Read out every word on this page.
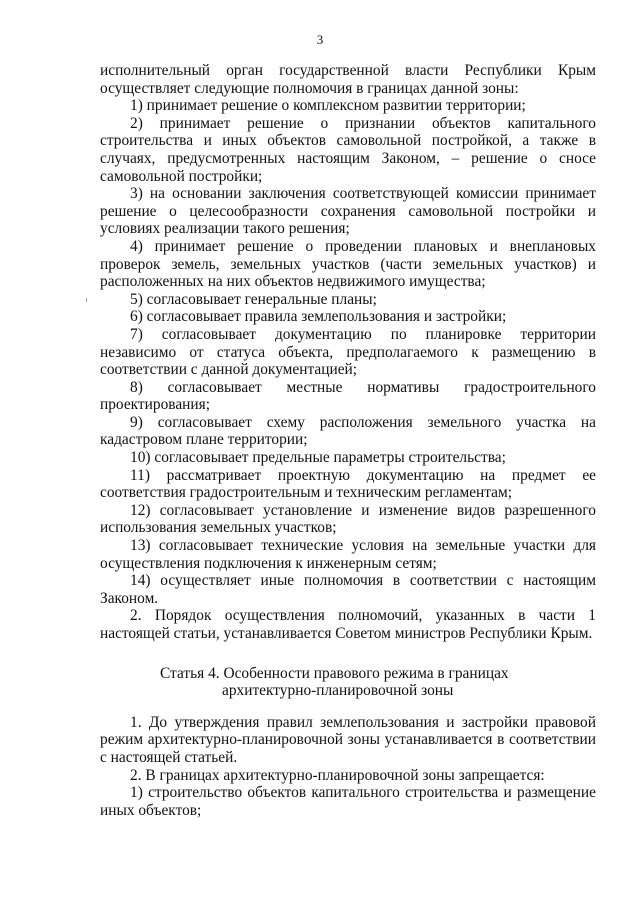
3

исполнительный орган государственной власти Республики Крым осуществляет следующие полномочия в границах данной зоны:

1) принимает решение о комплексном развитии территории;

2) принимает решение о признании объектов капитального строительства и иных объектов самовольной постройкой, а также в случаях, предусмотренных настоящим Законом, – решение о сносе самовольной постройки;

3) на основании заключения соответствующей комиссии принимает решение о целесообразности сохранения самовольной постройки и условиях реализации такого решения;

4) принимает решение о проведении плановых и внеплановых проверок земель, земельных участков (части земельных участков) и расположенных на них объектов недвижимого имущества;

5) согласовывает генеральные планы;

6) согласовывает правила землепользования и застройки;

7) согласовывает документацию по планировке территории независимо от статуса объекта, предполагаемого к размещению в соответствии с данной документацией;

8) согласовывает местные нормативы градостроительного проектирования;

9) согласовывает схему расположения земельного участка на кадастровом плане территории;

10) согласовывает предельные параметры строительства;

11) рассматривает проектную документацию на предмет ее соответствия градостроительным и техническим регламентам;

12) согласовывает установление и изменение видов разрешенного использования земельных участков;

13) согласовывает технические условия на земельные участки для осуществления подключения к инженерным сетям;

14) осуществляет иные полномочия в соответствии с настоящим Законом.

2. Порядок осуществления полномочий, указанных в части 1 настоящей статьи, устанавливается Советом министров Республики Крым.

Статья 4. Особенности правового режима в границах

архитектурно-планировочной зоны

1. До утверждения правил землепользования и застройки правовой режим архитектурно-планировочной зоны устанавливается в соответствии с настоящей статьей.

2. В границах архитектурно-планировочной зоны запрещается:

1) строительство объектов капитального строительства и размещение иных объектов;
